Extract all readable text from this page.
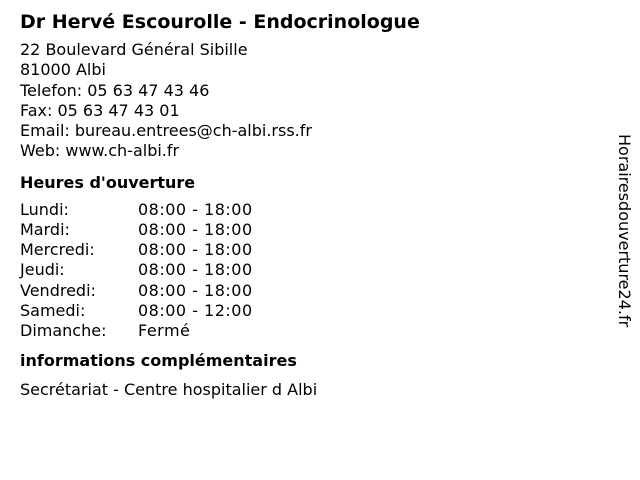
Dr Hervé Escourolle - Endocrinologue
22 Boulevard Général Sibille
81000 Albi
Telefon: 05 63 47 43 46
Fax: 05 63 47 43 01
Email: bureau.entrees@ch-albi.rss.fr
Web: www.ch-albi.fr
Heures d'ouverture
Lundi:	08:00 - 18:00
Mardi:	08:00 - 18:00
Mercredi:	08:00 - 18:00
Jeudi:	08:00 - 18:00
Vendredi:	08:00 - 18:00
Samedi:	08:00 - 12:00
Dimanche: Fermé
informations complémentaires
Secrétariat - Centre hospitalier d Albi
Horairesdouverture24.fr
